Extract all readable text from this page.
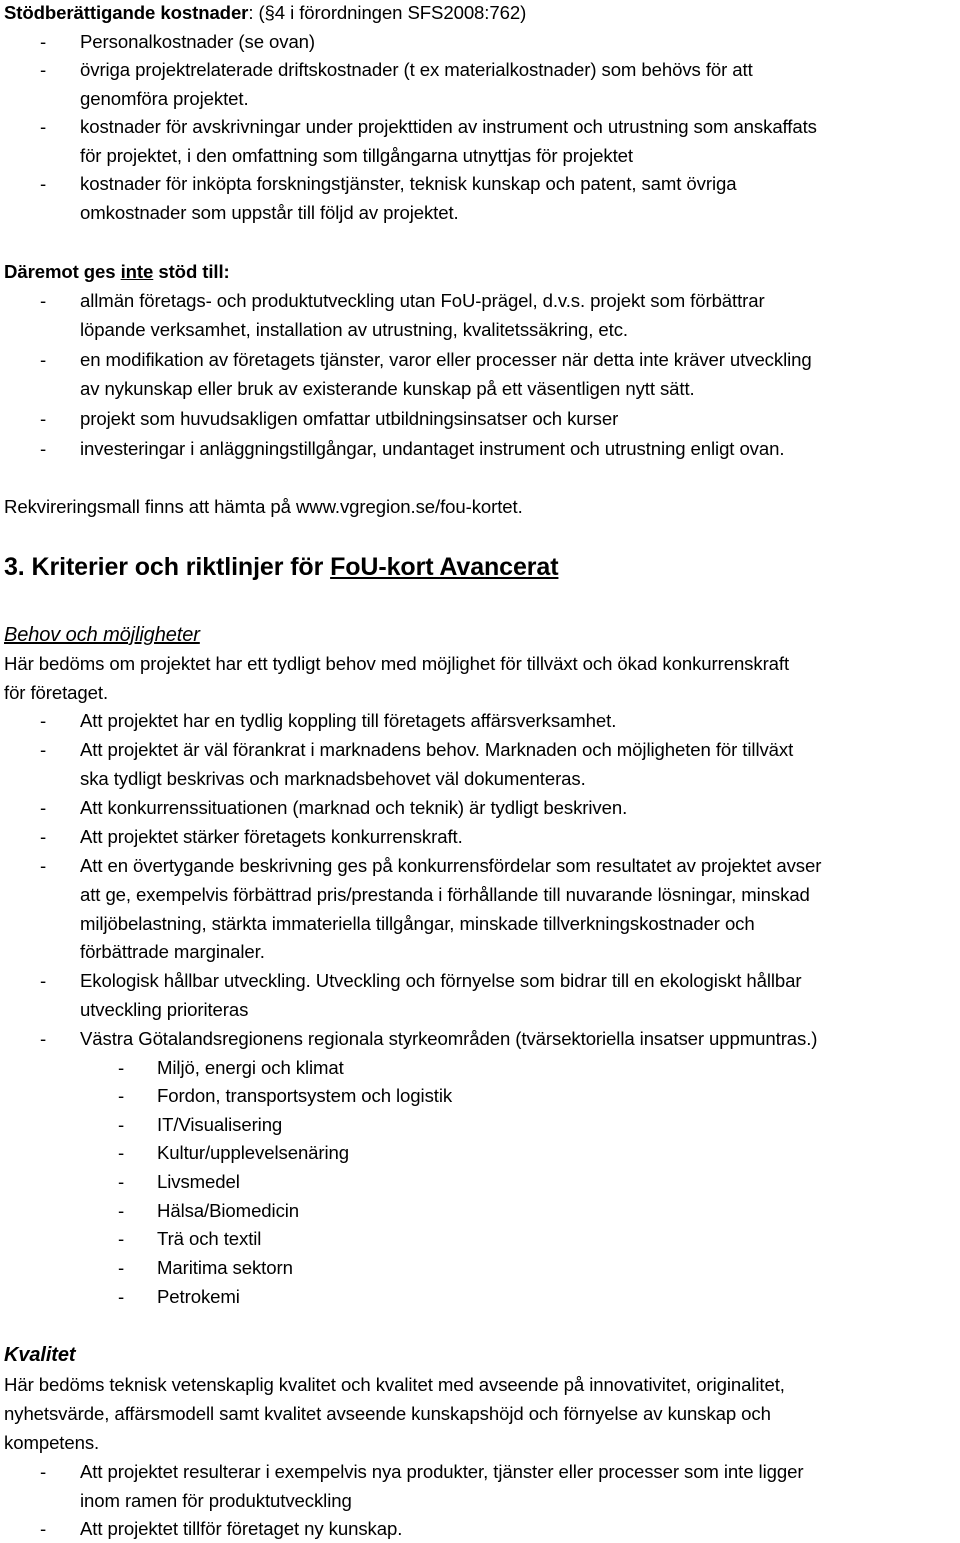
Stödberättigande kostnader: (§4 i förordningen SFS2008:762)
- Personalkostnader (se ovan)
- övriga projektrelaterade driftskostnader (t ex materialkostnader) som behövs för att
genomföra projektet.
- kostnader för avskrivningar under projekttiden av instrument och utrustning som anskaffats
för projektet, i den omfattning som tillgångarna utnyttjas för projektet
- kostnader för inköpta forskningstjänster, teknisk kunskap och patent, samt övriga
omkostnader som uppstår till följd av projektet.
Däremot ges inte stöd till:
- allmän företags- och produktutveckling utan FoU-prägel, d.v.s. projekt som förbättrar
löpande verksamhet, installation av utrustning, kvalitetssäkring, etc.
- en modifikation av företagets tjänster, varor eller processer när detta inte kräver utveckling
av nykunskap eller bruk av existerande kunskap på ett väsentligen nytt sätt.
- projekt som huvudsakligen omfattar utbildningsinsatser och kurser
- investeringar i anläggningstillgångar, undantaget instrument och utrustning enligt ovan.
Rekvireringsmall finns att hämta på www.vgregion.se/fou-kortet.
3. Kriterier och riktlinjer för FoU-kort Avancerat
Behov och möjligheter
Här bedöms om projektet har ett tydligt behov med möjlighet för tillväxt och ökad konkurrenskraft
för företaget.
- Att projektet har en tydlig koppling till företagets affärsverksamhet.
- Att projektet är väl förankrat i marknadens behov. Marknaden och möjligheten för tillväxt
ska tydligt beskrivas och marknadsbehovet väl dokumenteras.
- Att konkurrenssituationen (marknad och teknik) är tydligt beskriven.
- Att projektet stärker företagets konkurrenskraft.
- Att en övertygande beskrivning ges på konkurrensfördelar som resultatet av projektet avser
att ge, exempelvis förbättrad pris/prestanda i förhållande till nuvarande lösningar, minskad
miljöbelastning, stärkta immateriella tillgångar, minskade tillverkningskostnader och
förbättrade marginaler.
- Ekologisk hållbar utveckling. Utveckling och förnyelse som bidrar till en ekologiskt hållbar
utveckling prioriteras
- Västra Götalandsregionens regionala styrkeområden (tvärsektoriella insatser uppmuntras.)
- Miljö, energi och klimat
- Fordon, transportsystem och logistik
- IT/Visualisering
- Kultur/upplevelsenäring
- Livsmedel
- Hälsa/Biomedicin
- Trä och textil
- Maritima sektorn
- Petrokemi
Kvalitet
Här bedöms teknisk vetenskaplig kvalitet och kvalitet med avseende på innovativitet, originalitet,
nyhetsvärde, affärsmodell samt kvalitet avseende kunskapshöjd och förnyelse av kunskap och
kompetens.
- Att projektet resulterar i exempelvis nya produkter, tjänster eller processer som inte ligger
inom ramen för produktutveckling
- Att projektet tillför företaget ny kunskap.
